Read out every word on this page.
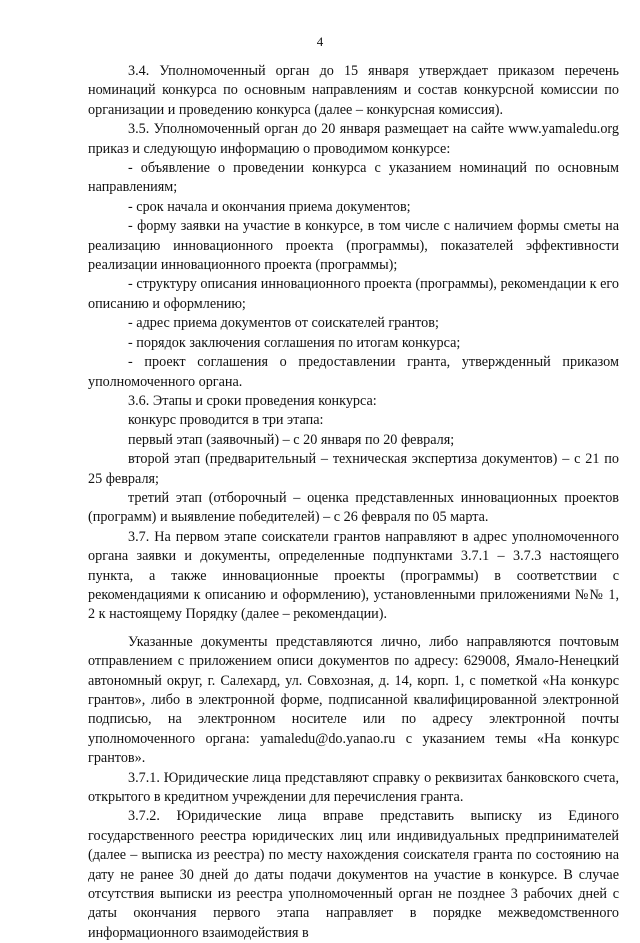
4

3.4. Уполномоченный орган до 15 января утверждает приказом перечень номинаций конкурса по основным направлениям и состав конкурсной комиссии по организации и проведению конкурса (далее – конкурсная комиссия).

3.5. Уполномоченный орган до 20 января размещает на сайте www.yamaledu.org приказ и следующую информацию о проводимом конкурсе:

- объявление о проведении конкурса с указанием номинаций по основным направлениям;

- срок начала и окончания приема документов;

- форму заявки на участие в конкурсе, в том числе с наличием формы сметы на реализацию инновационного проекта (программы), показателей эффективности реализации инновационного проекта (программы);

- структуру описания инновационного проекта (программы), рекомендации к его описанию и оформлению;

- адрес приема документов от соискателей грантов;

- порядок заключения соглашения по итогам конкурса;

- проект соглашения о предоставлении гранта, утвержденный приказом уполномоченного органа.

3.6. Этапы и сроки проведения конкурса:

конкурс проводится в три этапа:

первый этап (заявочный) – с 20 января по 20 февраля;

второй этап (предварительный – техническая экспертиза документов) – с 21 по 25 февраля;

третий этап (отборочный – оценка представленных инновационных проектов (программ) и выявление победителей) – с 26 февраля по 05 марта.

3.7. На первом этапе соискатели грантов направляют в адрес уполномоченного органа заявки и документы, определенные подпунктами 3.7.1 – 3.7.3 настоящего пункта, а также инновационные проекты (программы) в соответствии с рекомендациями к описанию и оформлению), установленными приложениями №№ 1, 2 к настоящему Порядку (далее – рекомендации).

Указанные документы представляются лично, либо направляются почтовым отправлением с приложением описи документов по адресу: 629008, Ямало-Ненецкий автономный округ, г. Салехард, ул. Совхозная, д. 14, корп. 1, с пометкой «На конкурс грантов», либо в электронной форме, подписанной квалифицированной электронной подписью, на электронном носителе или по адресу электронной почты уполномоченного органа: yamaledu@do.yanao.ru с указанием темы «На конкурс грантов».

3.7.1. Юридические лица представляют справку о реквизитах банковского счета, открытого в кредитном учреждении для перечисления гранта.

3.7.2. Юридические лица вправе представить выписку из Единого государственного реестра юридических лиц или индивидуальных предпринимателей (далее – выписка из реестра) по месту нахождения соискателя гранта по состоянию на дату не ранее 30 дней до даты подачи документов на участие в конкурсе. В случае отсутствия выписки из реестра уполномоченный орган не позднее 3 рабочих дней с даты окончания первого этапа направляет в порядке межведомственного информационного взаимодействия в
